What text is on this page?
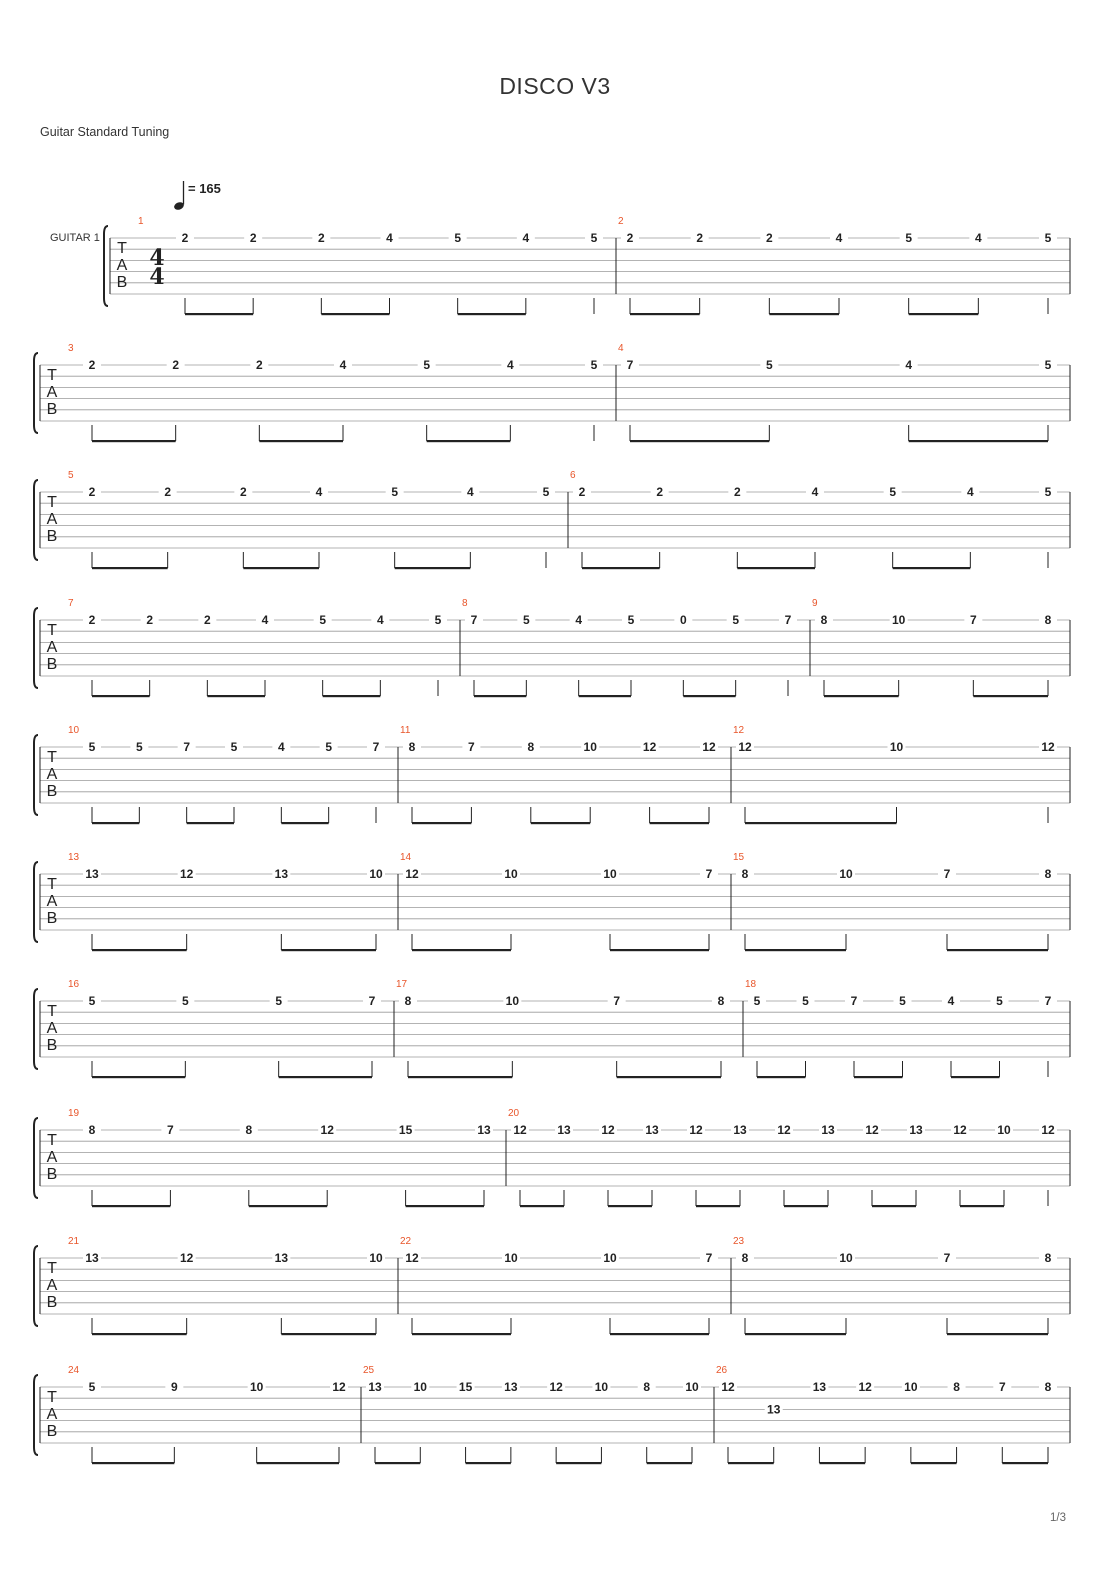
DISCO V3
Guitar Standard Tuning
= 165
GUITAR 1
T
A
B
4
4
1
2	2	2	4	5	4	5
2
2	2	2	4	5	4	5
T
A
B
3
2	2	2	4	5	4	5
4
7	5	4	5
T
A
B
5
2	2	2	4	5	4	5
6
2	2	2	4	5	4	5
T
A
B
7
2	2	2	4	5	4	5
8
7	5	4	5	0	5	7
9
8	10	7	8
T
A
B
10
5	5	7	5	4	5	7
11
8	7	8	10	12	12
12
12	10	12
T
A
B
13
13	12	13	10
14
12	10	10	7
15
8	10	7	8
T
A
B
16
5	5	5	7
17
8	10	7	8
18
5	5	7	5	4	5	7
T
A
B
19
8	7	8	12	15	13
20
12	13	12	13	12	13	12	13	12	13	12	10	12
T
A
B
21
13	12	13	10
22
12	10	10	7
23
8	10	7	8
T
A
B
24
5	9	10	12
25
13	10	15	13	12	10	8	10
26
12
13
13	12	10	8	7	8
1/3
